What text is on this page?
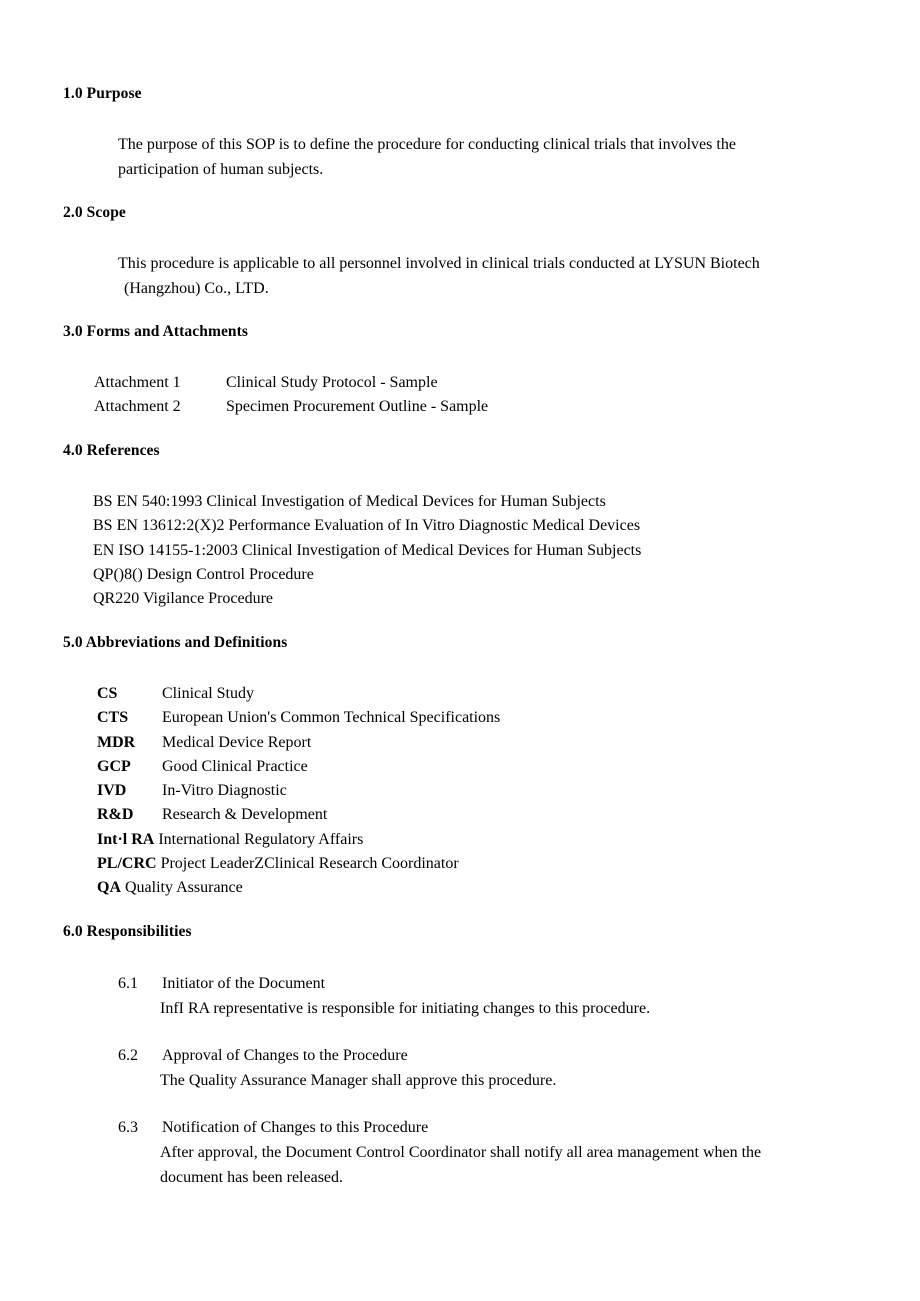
1.0 Purpose
The purpose of this SOP is to define the procedure for conducting clinical trials that involves the participation of human subjects.
2.0 Scope
This procedure is applicable to all personnel involved in clinical trials conducted at LYSUN Biotech
(Hangzhou) Co., LTD.
3.0 Forms and Attachments
Attachment 1	Clinical Study Protocol - Sample
Attachment 2	Specimen Procurement Outline - Sample
4.0 References
BS EN 540:1993 Clinical Investigation of Medical Devices for Human Subjects
BS EN 13612:2(X)2 Performance Evaluation of In Vitro Diagnostic Medical Devices
EN ISO 14155-1:2003 Clinical Investigation of Medical Devices for Human Subjects
QP()8() Design Control Procedure
QR220 Vigilance Procedure
5.0 Abbreviations and Definitions
CS	Clinical Study
CTS European Union's Common Technical Specifications
MDR Medical Device Report
GCP Good Clinical Practice
IVD In-Vitro Diagnostic
R&D Research & Development
Int·l RA International Regulatory Affairs
PL/CRC Project LeaderZClinical Research Coordinator
QA Quality Assurance
6.0 Responsibilities
6.1 Initiator of the Document
InfI RA representative is responsible for initiating changes to this procedure.
6.2 Approval of Changes to the Procedure
The Quality Assurance Manager shall approve this procedure.
6.3 Notification of Changes to this Procedure
After approval, the Document Control Coordinator shall notify all area management when the document has been released.
